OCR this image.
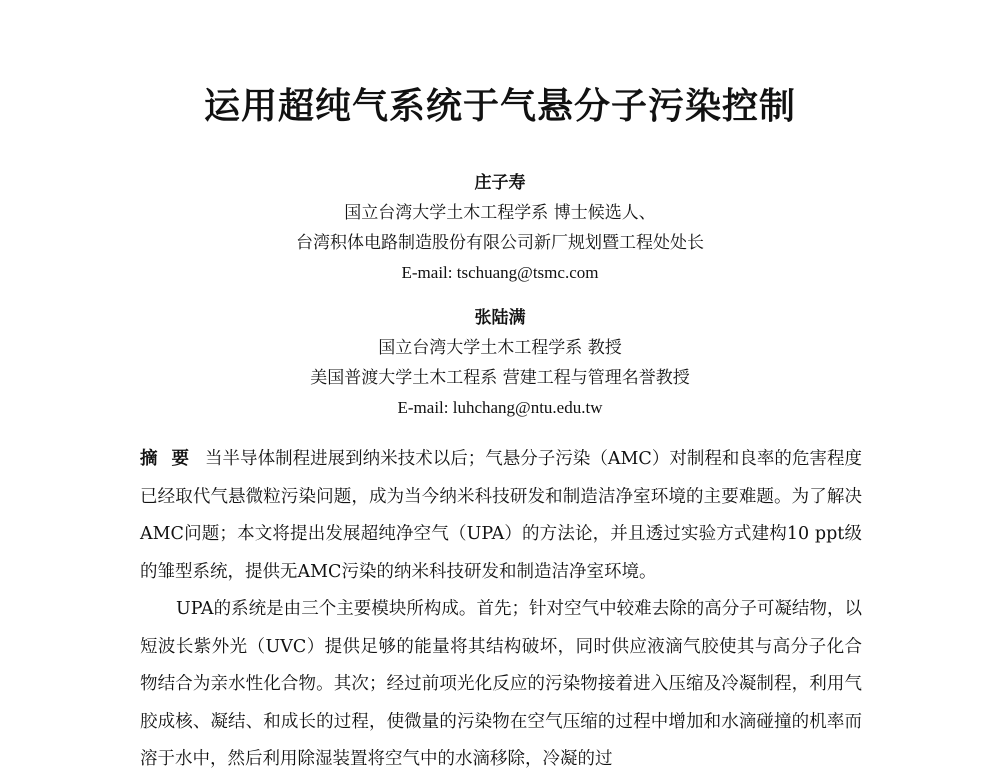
运用超纯气系统于气悬分子污染控制
庄子寿
国立台湾大学土木工程学系 博士候选人、
台湾积体电路制造股份有限公司新厂规划暨工程处处长
E-mail: tschuang@tsmc.com
张陆满
国立台湾大学土木工程学系 教授
美国普渡大学土木工程系 营建工程与管理名誉教授
E-mail: luhchang@ntu.edu.tw

摘要 当半导体制程进展到纳米技术以后；气悬分子污染（AMC）对制程和良率的危害程度已经取代气悬微粒污染问题，成为当今纳米科技研发和制造洁净室环境的主要难题。为了解决AMC问题；本文将提出发展超纯净空气（UPA）的方法论，并且透过实验方式建构10 ppt级的雏型系统，提供无AMC污染的纳米科技研发和制造洁净室环境。

UPA的系统是由三个主要模块所构成。首先；针对空气中较难去除的高分子可凝结物，以短波长紫外光（UVC）提供足够的能量将其结构破坏，同时供应液滴气胶使其与高分子化合物结合为亲水性化合物。其次；经过前项光化反应的污染物接着进入压缩及冷凝制程，利用气胶成核、凝结、和成长的过程，使微量的污染物在空气压缩的过程中增加和水滴碰撞的机率而溶于水中，然后利用除湿装置将空气中的水滴移除，冷凝的过
